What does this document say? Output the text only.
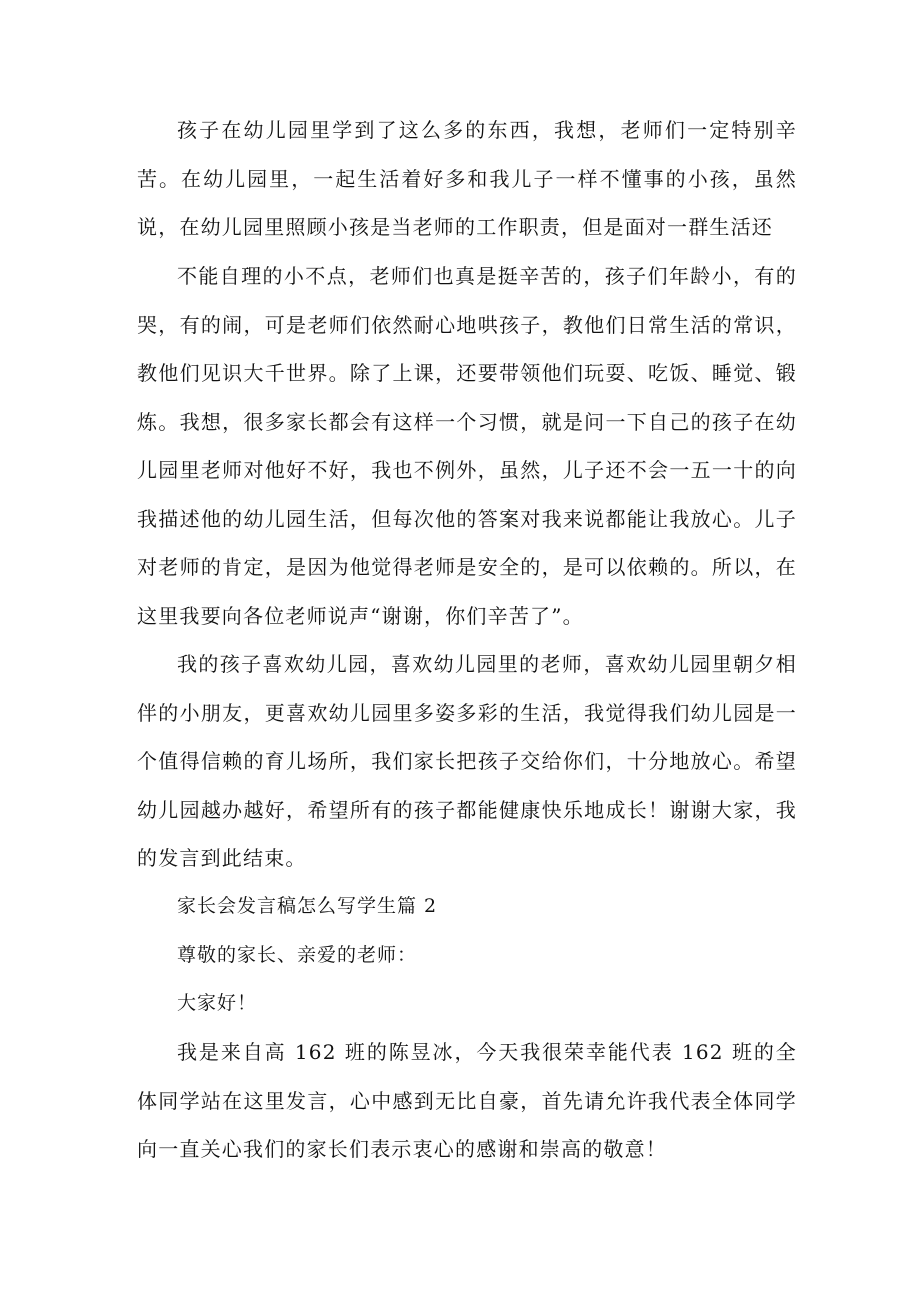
孩子在幼儿园里学到了这么多的东西，我想，老师们一定特别辛苦。在幼儿园里，一起生活着好多和我儿子一样不懂事的小孩，虽然说，在幼儿园里照顾小孩是当老师的工作职责，但是面对一群生活还

不能自理的小不点，老师们也真是挺辛苦的，孩子们年龄小，有的哭，有的闹，可是老师们依然耐心地哄孩子，教他们日常生活的常识，教他们见识大千世界。除了上课，还要带领他们玩耍、吃饭、睡觉、锻炼。我想，很多家长都会有这样一个习惯，就是问一下自己的孩子在幼儿园里老师对他好不好，我也不例外，虽然，儿子还不会一五一十的向我描述他的幼儿园生活，但每次他的答案对我来说都能让我放心。儿子对老师的肯定，是因为他觉得老师是安全的，是可以依赖的。所以，在这里我要向各位老师说声“谢谢，你们辛苦了”。

我的孩子喜欢幼儿园，喜欢幼儿园里的老师，喜欢幼儿园里朝夕相伴的小朋友，更喜欢幼儿园里多姿多彩的生活，我觉得我们幼儿园是一个值得信赖的育儿场所，我们家长把孩子交给你们，十分地放心。希望幼儿园越办越好，希望所有的孩子都能健康快乐地成长！谢谢大家，我的发言到此结束。

家长会发言稿怎么写学生篇 2

尊敬的家长、亲爱的老师：

大家好！

我是来自高 162 班的陈昱冰，今天我很荣幸能代表 162 班的全体同学站在这里发言，心中感到无比自豪，首先请允许我代表全体同学向一直关心我们的家长们表示衷心的感谢和崇高的敬意！
